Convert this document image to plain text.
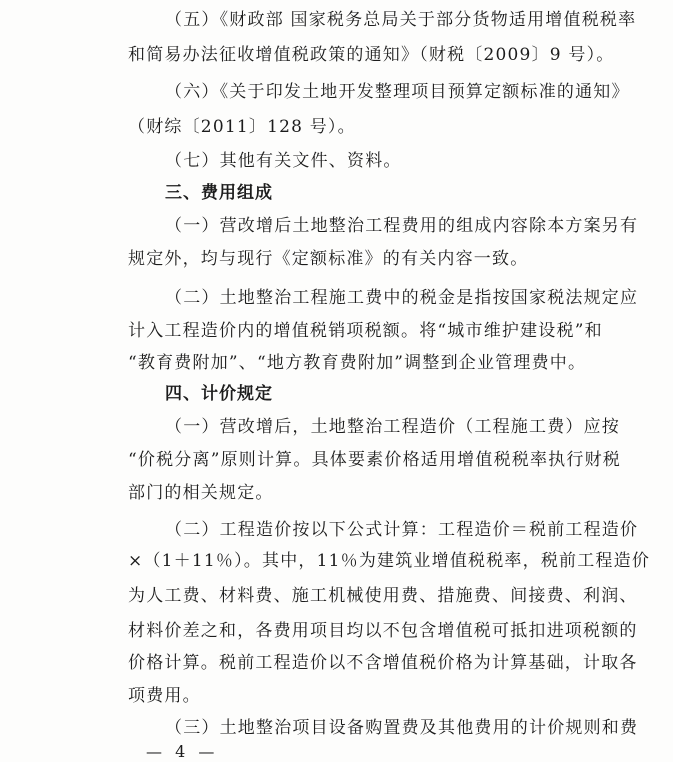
（五）《财政部 国家税务总局关于部分货物适用增值税税率
和简易办法征收增值税政策的通知》（财税〔2009〕9 号）。
（六）《关于印发土地开发整理项目预算定额标准的通知》
（财综〔2011〕128 号）。
（七）其他有关文件、资料。
三、费用组成
（一）营改增后土地整治工程费用的组成内容除本方案另有
规定外，均与现行《定额标准》的有关内容一致。
（二）土地整治工程施工费中的税金是指按国家税法规定应
计入工程造价内的增值税销项税额。将“城市维护建设税”和
“教育费附加”、“地方教育费附加”调整到企业管理费中。
四、计价规定
（一）营改增后，土地整治工程造价（工程施工费）应按
“价税分离”原则计算。具体要素价格适用增值税税率执行财税
部门的相关规定。
（二）工程造价按以下公式计算：工程造价＝税前工程造价
×（1＋11％）。其中，11％为建筑业增值税税率，税前工程造价
为人工费、材料费、施工机械使用费、措施费、间接费、利润、
材料价差之和，各费用项目均以不包含增值税可抵扣进项税额的
价格计算。税前工程造价以不含增值税价格为计算基础，计取各
项费用。
（三）土地整治项目设备购置费及其他费用的计价规则和费
— 4 —
